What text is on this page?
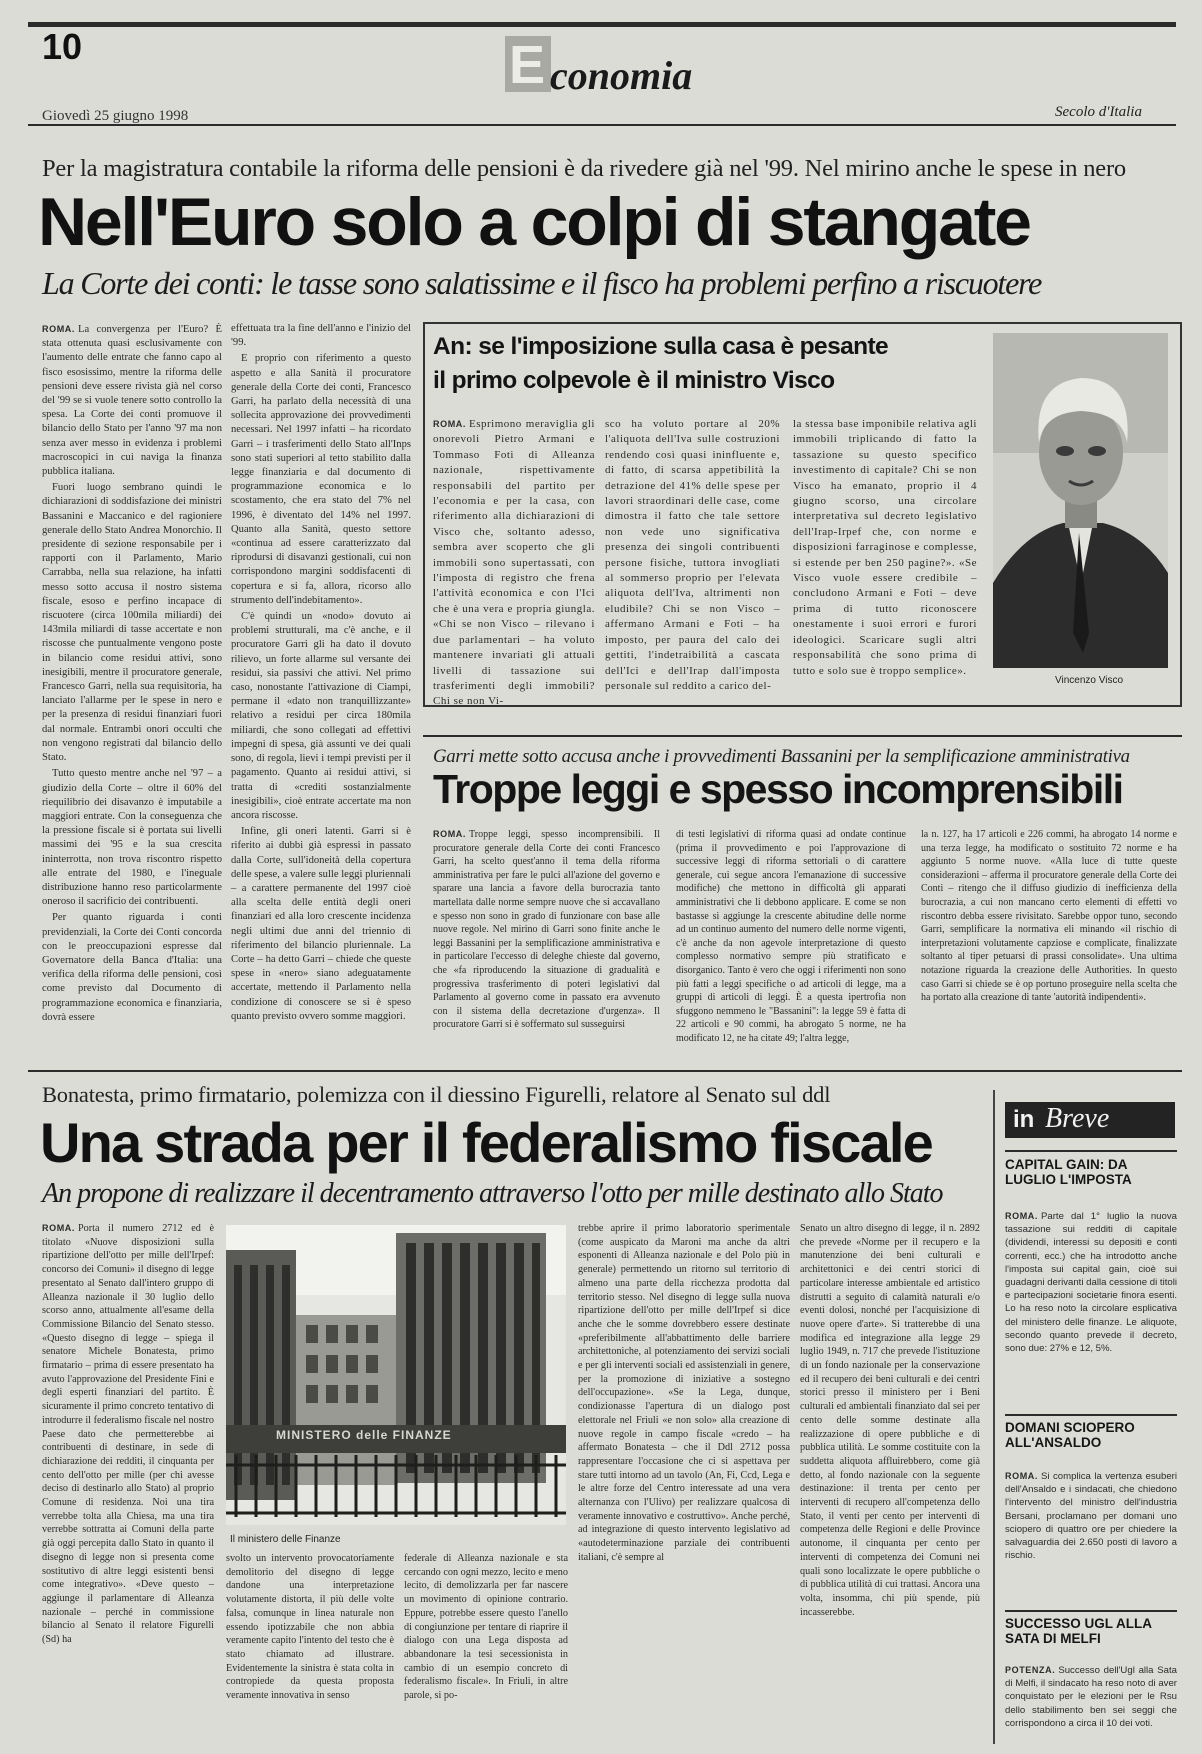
10	E conomia
Giovedì 25 giugno 1998	Secolo d'Italia
Per la magistratura contabile la riforma delle pensioni è da rivedere già nel '99. Nel mirino anche le spese in nero
Nell'Euro solo a colpi di stangate
La Corte dei conti: le tasse sono salatissime e il fisco ha problemi perfino a riscuotere

ROMA. La convergenza per l'Euro? È stata ottenuta quasi esclusivamente con l'aumento delle entrate che fanno capo al fisco esosissimo, mentre la riforma delle pensioni deve essere rivista già nel corso del '99 se si vuole tenere sotto controllo la spesa. La Corte dei conti promuove il bilancio dello Stato per l'anno '97 ma non senza aver messo in evidenza i problemi macroscopici in cui naviga la finanza pubblica italiana.

Fuori luogo sembrano quindi le dichiarazioni di soddisfazione dei ministri Bassanini e Maccanico e del ragioniere generale dello Stato Andrea Monorchio. Il presidente di sezione responsabile per i rapporti con il Parlamento, Mario Carrabba, nella sua relazione, ha infatti messo sotto accusa il nostro sistema fiscale, esoso e perfino incapace di riscuotere (circa 100mila miliardi) dei 143mila miliardi di tasse accertate e non riscosse che puntualmente vengono poste in bilancio come residui attivi, sono inesigibili, mentre il procuratore generale, Francesco Garri, nella sua requisitoria, ha lanciato l'allarme per le spese in nero e per la presenza di residui finanziari fuori dal normale. Entrambi onori occulti che non vengono registrati dal bilancio dello Stato.

Tutto questo mentre anche nel '97 – a giudizio della Corte – oltre il 60% del riequilibrio dei disavanzo è imputabile a maggiori entrate. Con la conseguenza che la pressione fiscale si è portata sui livelli massimi dei '95 e la sua crescita ininterrotta, non trova riscontro rispetto alle entrate del 1980, e l'ineguale distribuzione hanno reso particolarmente oneroso il sacrificio dei contribuenti.

Per quanto riguarda i conti previdenziali, la Corte dei Conti concorda con le preoccupazioni espresse dal Governatore della Banca d'Italia: una verifica della riforma delle pensioni, così come previsto dal Documento di programmazione economica e finanziaria, dovrà essere

effettuata tra la fine dell'anno e l'inizio del '99.

E proprio con riferimento a questo aspetto e alla Sanità il procuratore generale della Corte dei conti, Francesco Garri, ha parlato della necessità di una sollecita approvazione dei provvedimenti necessari. Nel 1997 infatti – ha ricordato Garri – i trasferimenti dello Stato all'Inps sono stati superiori al tetto stabilito dalla legge finanziaria e dal documento di programmazione economica e lo scostamento, che era stato del 7% nel 1996, è diventato del 14% nel 1997. Quanto alla Sanità, questo settore «continua ad essere caratterizzato dal riprodursi di disavanzi gestionali, cui non corrispondono margini soddisfacenti di copertura e si fa, allora, ricorso allo strumento dell'indebitamento».

C'è quindi un «nodo» dovuto ai problemi strutturali, ma c'è anche, e il procuratore Garri gli ha dato il dovuto rilievo, un forte allarme sul versante dei residui, sia passivi che attivi. Nel primo caso, nonostante l'attivazione di Ciampi, permane il «dato non tranquillizzante» relativo a residui per circa 180mila miliardi, che sono collegati ad effettivi impegni di spesa, già assunti ve dei quali sono, di regola, lievi i tempi previsti per il pagamento. Quanto ai residui attivi, si tratta di «crediti sostanzialmente inesigibili», cioè entrate accertate ma non ancora riscosse.

Infine, gli oneri latenti. Garri si è riferito ai dubbi già espressi in passato dalla Corte, sull'idoneità della copertura delle spese, a valere sulle leggi pluriennali – a carattere permanente del 1997 cioè alla scelta delle entità degli oneri finanziari ed alla loro crescente incidenza negli ultimi due anni del triennio di riferimento del bilancio pluriennale. La Corte – ha detto Garri – chiede che queste spese in «nero» siano adeguatamente accertate, mettendo il Parlamento nella condizione di conoscere se si è speso quanto previsto ovvero somme maggiori.

An: se l'imposizione sulla casa è pesante
il primo colpevole è il ministro Visco
ROMA. Esprimono meraviglia gli onorevoli Pietro Armani e Tommaso Foti di Alleanza nazionale, rispettivamente responsabili del partito per l'economia e per la casa, con riferimento alla dichiarazioni di Visco che, soltanto adesso, sembra aver scoperto che gli immobili sono supertassati, con l'imposta di registro che frena l'attività economica e con l'Ici che è una vera e propria giungla. «Chi se non Visco – rilevano i due parlamentari – ha voluto mantenere invariati gli attuali livelli di tassazione sui trasferimenti degli immobili? Chi se non Vi-
sco ha voluto portare al 20% l'aliquota dell'Iva sulle costruzioni rendendo così quasi ininfluente e, di fatto, di scarsa appetibilità la detrazione del 41% delle spese per lavori straordinari delle case, come dimostra il fatto che tale settore non vede uno significativa presenza dei singoli contribuenti persone fisiche, tuttora invogliati al sommerso proprio per l'elevata aliquota dell'Iva, altrimenti non eludibile? Chi se non Visco – affermano Armani e Foti – ha imposto, per paura del calo dei gettiti, l'indetraibilità a cascata dell'Ici e dell'Irap dall'imposta personale sul reddito a carico del-
la stessa base imponibile relativa agli immobili triplicando di fatto la tassazione su questo specifico investimento di capitale? Chi se non Visco ha emanato, proprio il 4 giugno scorso, una circolare interpretativa sul decreto legislativo dell'Irap-Irpef che, con norme e disposizioni farraginose e complesse, si estende per ben 250 pagine?». «Se Visco vuole essere credibile – concludono Armani e Foti – deve prima di tutto riconoscere onestamente i suoi errori e furori ideologici. Scaricare sugli altri responsabilità che sono prima di tutto e solo sue è troppo semplice».
Vincenzo Visco
Garri mette sotto accusa anche i provvedimenti Bassanini per la semplificazione amministrativa
Troppe leggi e spesso incomprensibili
ROMA. Troppe leggi, spesso incomprensibili. Il procuratore generale della Corte dei conti Francesco Garri, ha scelto quest'anno il tema della riforma amministrativa per fare le pulci all'azione del governo e sparare una lancia a favore della burocrazia tanto martellata dalle norme sempre nuove che si accavallano e spesso non sono in grado di funzionare con base alle nuove regole. Nel mirino di Garri sono finite anche le leggi Bassanini per la semplificazione amministrativa e in particolare l'eccesso di deleghe chieste dal governo, che «fa riproducendo la situazione di gradualità e progressiva trasferimento di poteri legislativi dal Parlamento al governo come in passato era avvenuto con il sistema della decretazione d'urgenza». Il procuratore Garri si è soffermato sul susseguirsi
di testi legislativi di riforma quasi ad ondate continue (prima il provvedimento e poi l'approvazione di successive leggi di riforma settoriali o di carattere generale, cui segue ancora l'emanazione di successive modifiche) che mettono in difficoltà gli apparati amministrativi che li debbono applicare. E come se non bastasse si aggiunge la crescente abitudine delle norme ad un continuo aumento del numero delle norme vigenti, c'è anche da non agevole interpretazione di questo complesso normativo sempre più stratificato e disorganico. Tanto è vero che oggi i riferimenti non sono più fatti a leggi specifiche o ad articoli di legge, ma a gruppi di articoli di leggi. È a questa ipertrofia non sfuggono nemmeno le "Bassanini": la legge 59 è fatta di 22 articoli e 90 commi, ha abrogato 5 norme, ne ha modificato 12, ne ha citate 49; l'altra legge,
la n. 127, ha 17 articoli e 226 commi, ha abrogato 14 norme e una terza legge, ha modificato o sostituito 72 norme e ha aggiunto 5 norme nuove. «Alla luce di tutte queste considerazioni – afferma il procuratore generale della Corte dei Conti – ritengo che il diffuso giudizio di inefficienza della burocrazia, a cui non mancano certo elementi di effetti vo riscontro debba essere rivisitato. Sarebbe oppor tuno, secondo Garri, semplificare la normativa eli minando «il rischio di interpretazioni volutamente capziose e complicate, finalizzate soltanto al tiper petuarsi di prassi consolidate». Una ultima notazione riguarda la creazione delle Authorities. In questo caso Garri si chiede se è op portuno proseguire nella scelta che ha portato alla creazione di tante 'autorità indipendenti».
Bonatesta, primo firmatario, polemizza con il diessino Figurelli, relatore al Senato sul ddl
Una strada per il federalismo fiscale
An propone di realizzare il decentramento attraverso l'otto per mille destinato allo Stato
ROMA. Porta il numero 2712 ed è titolato «Nuove disposizioni sulla ripartizione dell'otto per mille dell'Irpef: concorso dei Comuni» il disegno di legge presentato al Senato dall'intero gruppo di Alleanza nazionale il 30 luglio dello scorso anno, attualmente all'esame della Commissione Bilancio del Senato stesso. «Questo disegno di legge – spiega il senatore Michele Bonatesta, primo firmatario – prima di essere presentato ha avuto l'approvazione del Presidente Fini e degli esperti finanziari del partito. È sicuramente il primo concreto tentativo di introdurre il federalismo fiscale nel nostro Paese dato che permetterebbe ai contribuenti di destinare, in sede di dichiarazione dei redditi, il cinquanta per cento dell'otto per mille (per chi avesse deciso di destinarlo allo Stato) al proprio Comune di residenza. Noi una tira verrebbe tolta alla Chiesa, ma una tira verrebbe sottratta ai Comuni della parte già oggi percepita dallo Stato in quanto il disegno di legge non si presenta come sostitutivo di altre leggi esistenti bensì come integrativo». «Deve questo – aggiunge il parlamentare di Alleanza nazionale – perché in commissione bilancio al Senato il relatore Figurelli (Sd) ha
MINISTERO delle FINANZE
Il ministero delle Finanze
svolto un intervento provocatoriamente demolitorio del disegno di legge dandone una interpretazione volutamente distorta, il più delle volte falsa, comunque in linea naturale non essendo ipotizzabile che non abbia veramente capito l'intento del testo che è stato chiamato ad illustrare. Evidentemente la sinistra è stata colta in contropiede da questa proposta veramente innovativa in senso
federale di Alleanza nazionale e sta cercando con ogni mezzo, lecito e meno lecito, di demolizzarla per far nascere un movimento di opinione contrario. Eppure, potrebbe essere questo l'anello di congiunzione per tentare di riaprire il dialogo con una Lega disposta ad abbandonare la tesi secessionista in cambio di un esempio concreto di federalismo fiscale». In Friuli, in altre parole, si po-
trebbe aprire il primo laboratorio sperimentale (come auspicato da Maroni ma anche da altri esponenti di Alleanza nazionale e del Polo più in generale) permettendo un ritorno sul territorio di almeno una parte della ricchezza prodotta dal territorio stesso. Nel disegno di legge sulla nuova ripartizione dell'otto per mille dell'Irpef si dice anche che le somme dovrebbero essere destinate «preferibilmente all'abbattimento delle barriere architettoniche, al potenziamento dei servizi sociali e per gli interventi sociali ed assistenziali in genere, per la promozione di iniziative a sostegno dell'occupazione». «Se la Lega, dunque, condizionasse l'apertura di un dialogo post elettorale nel Friuli «e non solo» alla creazione di nuove regole in campo fiscale «credo – ha affermato Bonatesta – che il Ddl 2712 possa rappresentare l'occasione che ci si aspettava per stare tutti intorno ad un tavolo (An, Fi, Ccd, Lega e le altre forze del Centro interessate ad una vera alternanza con l'Ulivo) per realizzare qualcosa di veramente innovativo e costruttivo». Anche perché, ad integrazione di questo intervento legislativo ad «autodeterminazione parziale dei contribuenti italiani, c'è sempre al
Senato un altro disegno di legge, il n. 2892 che prevede «Norme per il recupero e la manutenzione dei beni culturali e architettonici e dei centri storici di particolare interesse ambientale ed artistico distrutti a seguito di calamità naturali e/o eventi dolosi, nonché per l'acquisizione di nuove opere d'arte». Si tratterebbe di una modifica ed integrazione alla legge 29 luglio 1949, n. 717 che prevede l'istituzione di un fondo nazionale per la conservazione ed il recupero dei beni culturali e dei centri storici presso il ministero per i Beni culturali ed ambientali finanziato dal sei per cento delle somme destinate alla realizzazione di opere pubbliche e di pubblica utilità. Le somme costituite con la suddetta aliquota affluirebbero, come già detto, al fondo nazionale con la seguente destinazione: il trenta per cento per interventi di recupero all'competenza dello Stato, il venti per cento per interventi di competenza delle Regioni e delle Province autonome, il cinquanta per cento per interventi di competenza dei Comuni nei quali sono localizzate le opere pubbliche o di pubblica utilità di cui trattasi. Ancora una volta, insomma, chi più spende, più incasserebbe.
in Breve
CAPITAL GAIN: DA LUGLIO L'IMPOSTA
ROMA. Parte dal 1° luglio la nuova tassazione sui redditi di capitale (dividendi, interessi su depositi e conti correnti, ecc.) che ha introdotto anche l'imposta sui capital gain, cioè sui guadagni derivanti dalla cessione di titoli e partecipazioni societarie finora esenti. Lo ha reso noto la circolare esplicativa del ministero delle finanze. Le aliquote, secondo quanto prevede il decreto, sono due: 27% e 12, 5%.
DOMANI SCIOPERO ALL'ANSALDO
ROMA. Si complica la vertenza esuberi dell'Ansaldo e i sindacati, che chiedono l'intervento del ministro dell'industria Bersani, proclamano per domani uno sciopero di quattro ore per chiedere la salvaguardia dei 2.650 posti di lavoro a rischio.
SUCCESSO UGL ALLA SATA DI MELFI
POTENZA. Successo dell'Ugl alla Sata di Melfi, il sindacato ha reso noto di aver conquistato per le elezioni per le Rsu dello stabilimento ben sei seggi che corrispondono a circa il 10 dei voti.
